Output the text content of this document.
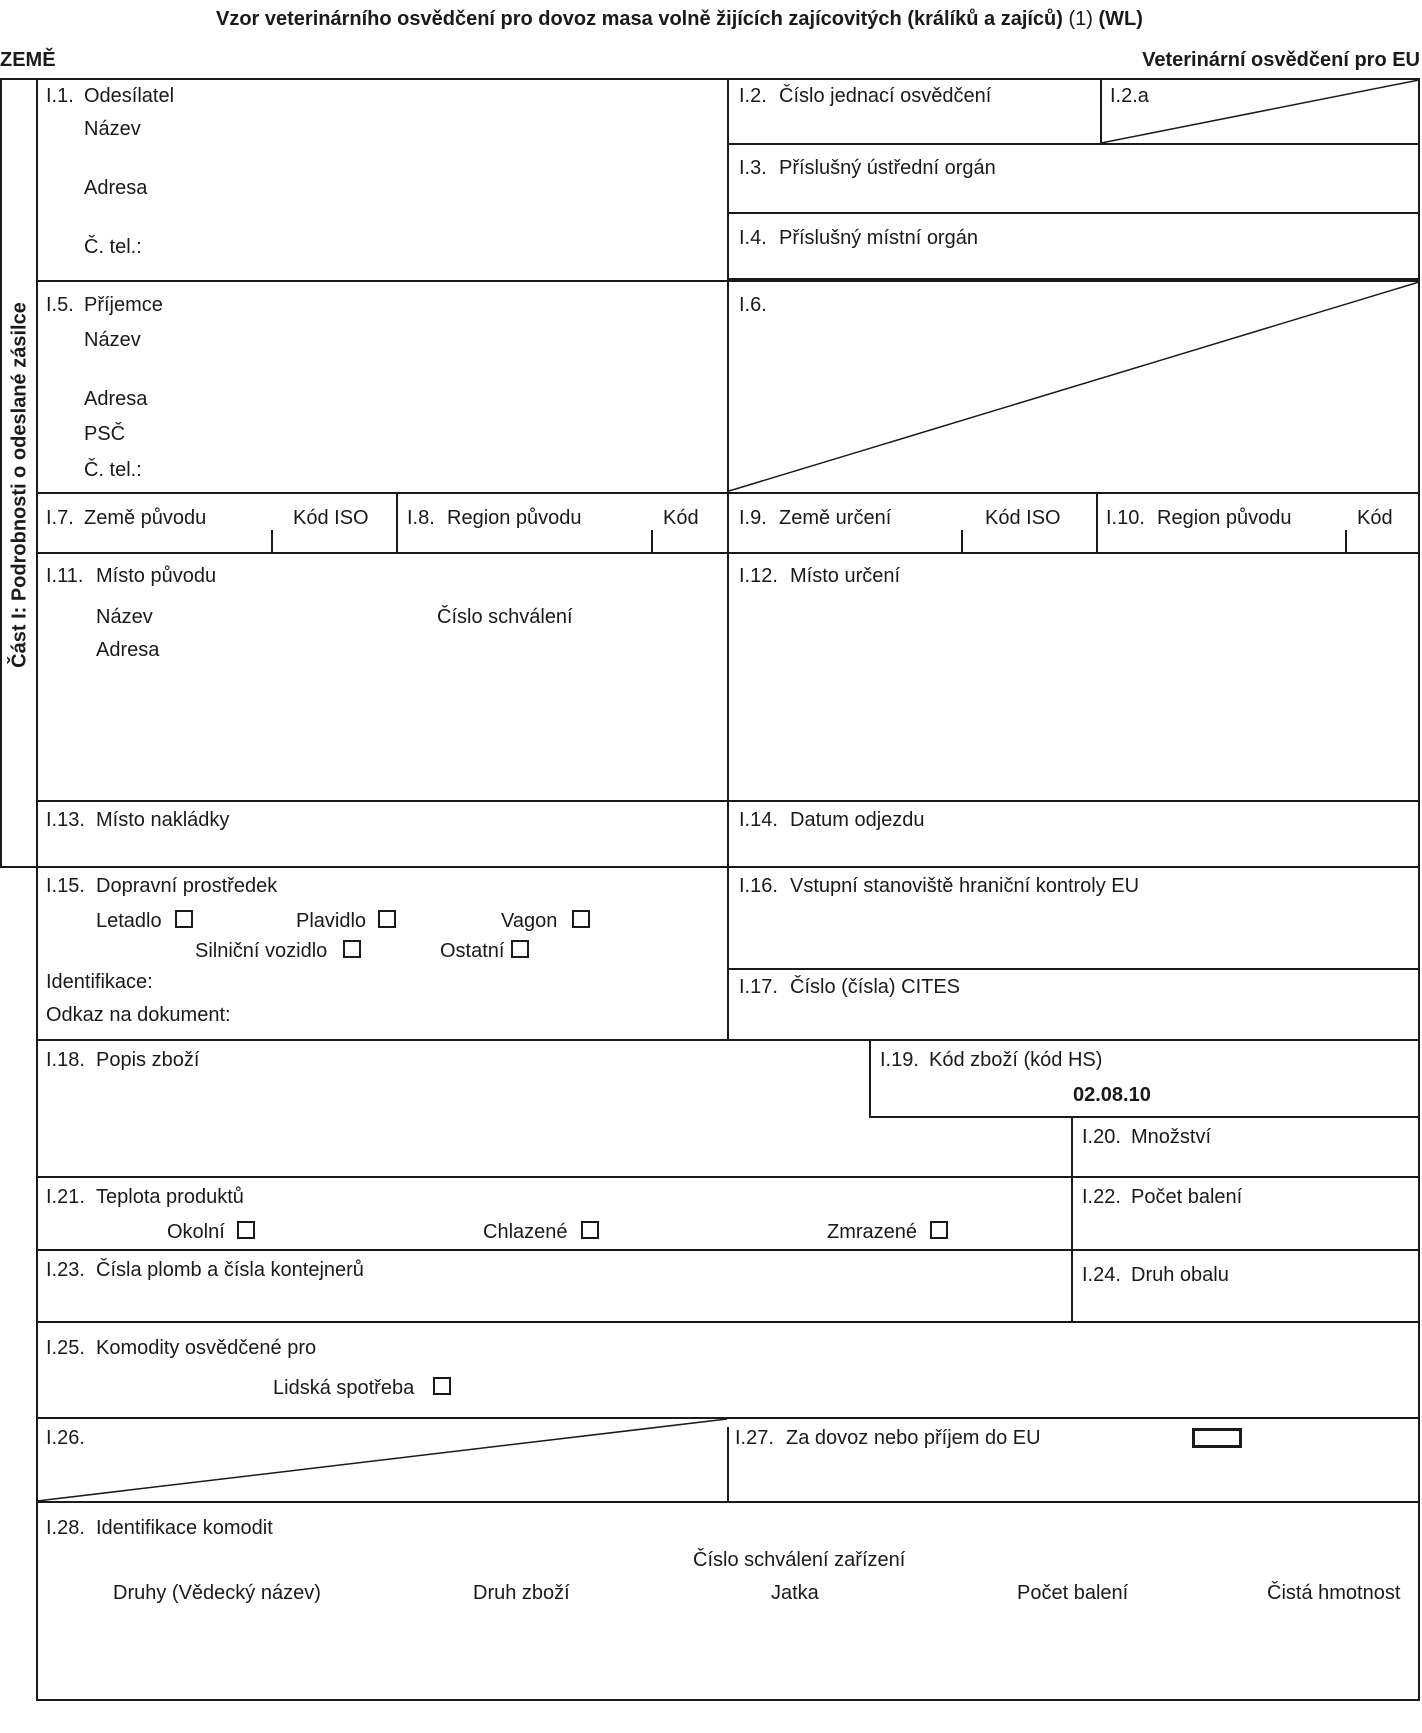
Vzor veterinárního osvědčení pro dovoz masa volně žijících zajícovitých (králíků a zajíců) (1) (WL)
ZEMĚ	Veterinární osvědčení pro EU
Část I: Podrobnosti o odeslané zásilce
I.1. Odesílatel
Název
Adresa
Č. tel.:
I.2. Číslo jednací osvědčení	I.2.a
I.3. Příslušný ústřední orgán
I.4. Příslušný místní orgán
I.5. Příjemce
Název
Adresa
PSČ
Č. tel.:
I.6.
I.7. Země původu	Kód ISO I.8. Region původu	Kód I.9. Země určení	Kód ISO I.10. Region původu	Kód
I.11. Místo původu
Název	Číslo schválení
Adresa
I.12. Místo určení
I.13. Místo nakládky	I.14. Datum odjezdu
I.15. Dopravní prostředek
Letadlo	Plavidlo	Vagon
Silniční vozidlo	Ostatní
Identifikace:
Odkaz na dokument:
I.16. Vstupní stanoviště hraniční kontroly EU
I.17. Číslo (čísla) CITES
I.18. Popis zboží	I.19. Kód zboží (kód HS)
02.08.10
I.20. Množství
I.21. Teplota produktů
Okolní	Chlazené	Zmrazené
I.22. Počet balení
I.23. Čísla plomb a čísla kontejnerů	I.24. Druh obalu
I.25. Komodity osvědčené pro
Lidská spotřeba
I.26.	I.27. Za dovoz nebo příjem do EU
I.28. Identifikace komodit
Číslo schválení zařízení
Druhy (Vědecký název)	Druh zboží	Jatka	Počet balení	Čistá hmotnost
